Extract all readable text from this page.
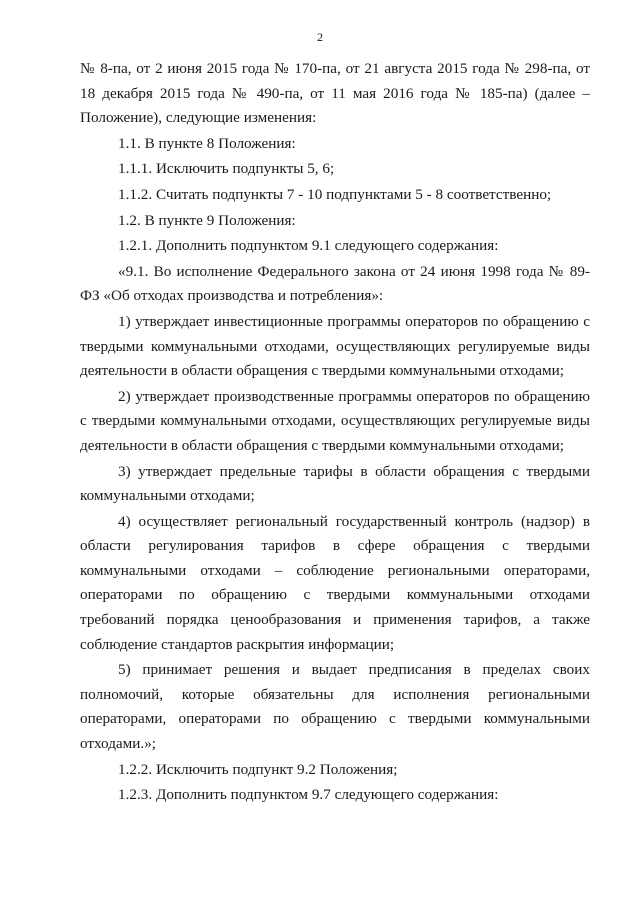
2

№ 8-па, от 2 июня 2015 года № 170-па, от 21 августа 2015 года № 298-па, от 18 декабря 2015 года № 490-па, от 11 мая 2016 года № 185-па) (далее – Положение), следующие изменения:

1.1. В пункте 8 Положения:

1.1.1. Исключить подпункты 5, 6;

1.1.2. Считать подпункты 7 - 10 подпунктами 5 - 8 соответственно;

1.2. В пункте 9 Положения:

1.2.1. Дополнить подпунктом 9.1 следующего содержания:

«9.1. Во исполнение Федерального закона от 24 июня 1998 года № 89-ФЗ «Об отходах производства и потребления»:

1) утверждает инвестиционные программы операторов по обращению с твердыми коммунальными отходами, осуществляющих регулируемые виды деятельности в области обращения с твердыми коммунальными отходами;

2) утверждает производственные программы операторов по обращению с твердыми коммунальными отходами, осуществляющих регулируемые виды деятельности в области обращения с твердыми коммунальными отходами;

3) утверждает предельные тарифы в области обращения с твердыми коммунальными отходами;

4) осуществляет региональный государственный контроль (надзор) в области регулирования тарифов в сфере обращения с твердыми коммунальными отходами – соблюдение региональными операторами, операторами по обращению с твердыми коммунальными отходами требований порядка ценообразования и применения тарифов, а также соблюдение стандартов раскрытия информации;

5) принимает решения и выдает предписания в пределах своих полномочий, которые обязательны для исполнения региональными операторами, операторами по обращению с твердыми коммунальными отходами.»;

1.2.2. Исключить подпункт 9.2 Положения;

1.2.3. Дополнить подпунктом 9.7 следующего содержания:
